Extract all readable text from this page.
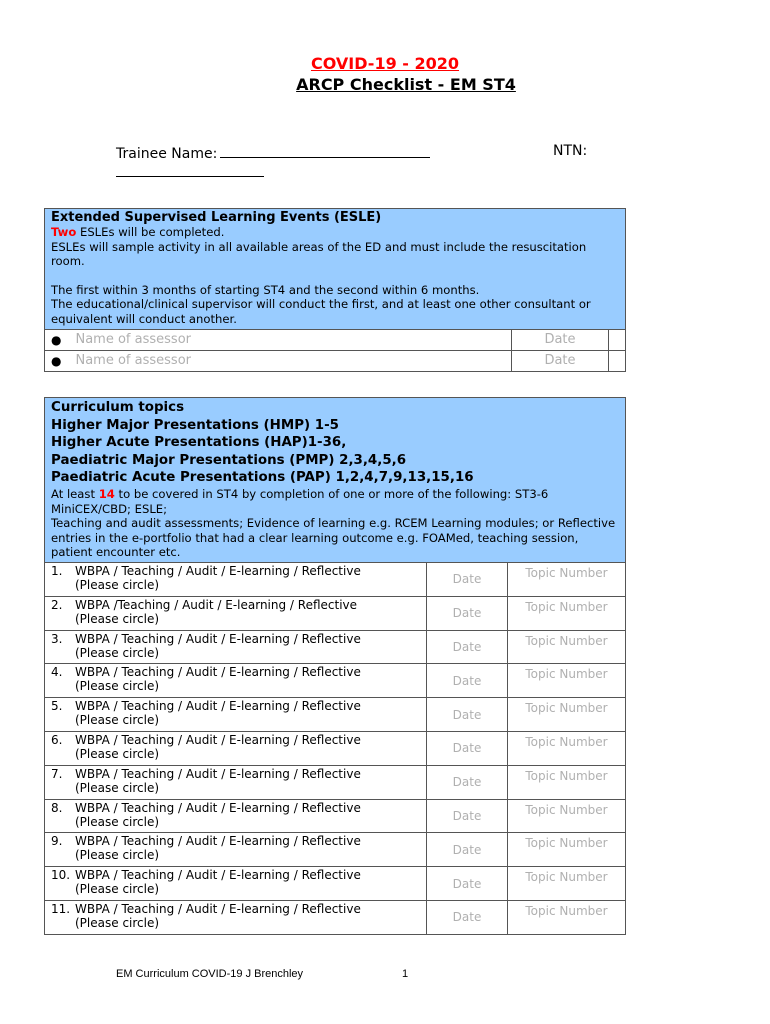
COVID-19 - 2020
ARCP Checklist - EM ST4
Trainee Name:	NTN:
Extended Supervised Learning Events (ESLE)
Two ESLEs will be completed.
ESLEs will sample activity in all available areas of the ED and must include the resuscitation room.
The first within 3 months of starting ST4 and the second within 6 months.
The educational/clinical supervisor will conduct the first, and at least one other consultant or equivalent will conduct another.
● Name of assessor	Date
● Name of assessor	Date
Curriculum topics
Higher Major Presentations (HMP) 1-5
Higher Acute Presentations (HAP)1-36,
Paediatric Major Presentations (PMP) 2,3,4,5,6
Paediatric Acute Presentations (PAP) 1,2,4,7,9,13,15,16
At least 14 to be covered in ST4 by completion of one or more of the following: ST3-6 MiniCEX/CBD; ESLE;
Teaching and audit assessments; Evidence of learning e.g. RCEM Learning modules; or Reflective entries in the e-portfolio that had a clear learning outcome e.g. FOAMed, teaching session, patient encounter etc.
1.	WBPA / Teaching / Audit / E-learning / Reflective
(Please circle)	Date	Topic Number
2.	WBPA /Teaching / Audit / E-learning / Reflective
(Please circle)	Date	Topic Number
3.	WBPA / Teaching / Audit / E-learning / Reflective
(Please circle)	Date	Topic Number
4.	WBPA / Teaching / Audit / E-learning / Reflective
(Please circle)	Date	Topic Number
5.	WBPA / Teaching / Audit / E-learning / Reflective
(Please circle)	Date	Topic Number
6.	WBPA / Teaching / Audit / E-learning / Reflective
(Please circle)	Date	Topic Number
7.	WBPA / Teaching / Audit / E-learning / Reflective
(Please circle)	Date	Topic Number
8.	WBPA / Teaching / Audit / E-learning / Reflective
(Please circle)	Date	Topic Number
9.	WBPA / Teaching / Audit / E-learning / Reflective
(Please circle)	Date	Topic Number
10. WBPA / Teaching / Audit / E-learning / Reflective
(Please circle)	Date	Topic Number
11. WBPA / Teaching / Audit / E-learning / Reflective
(Please circle)	Date	Topic Number
EM Curriculum COVID-19 J Brenchley	1
